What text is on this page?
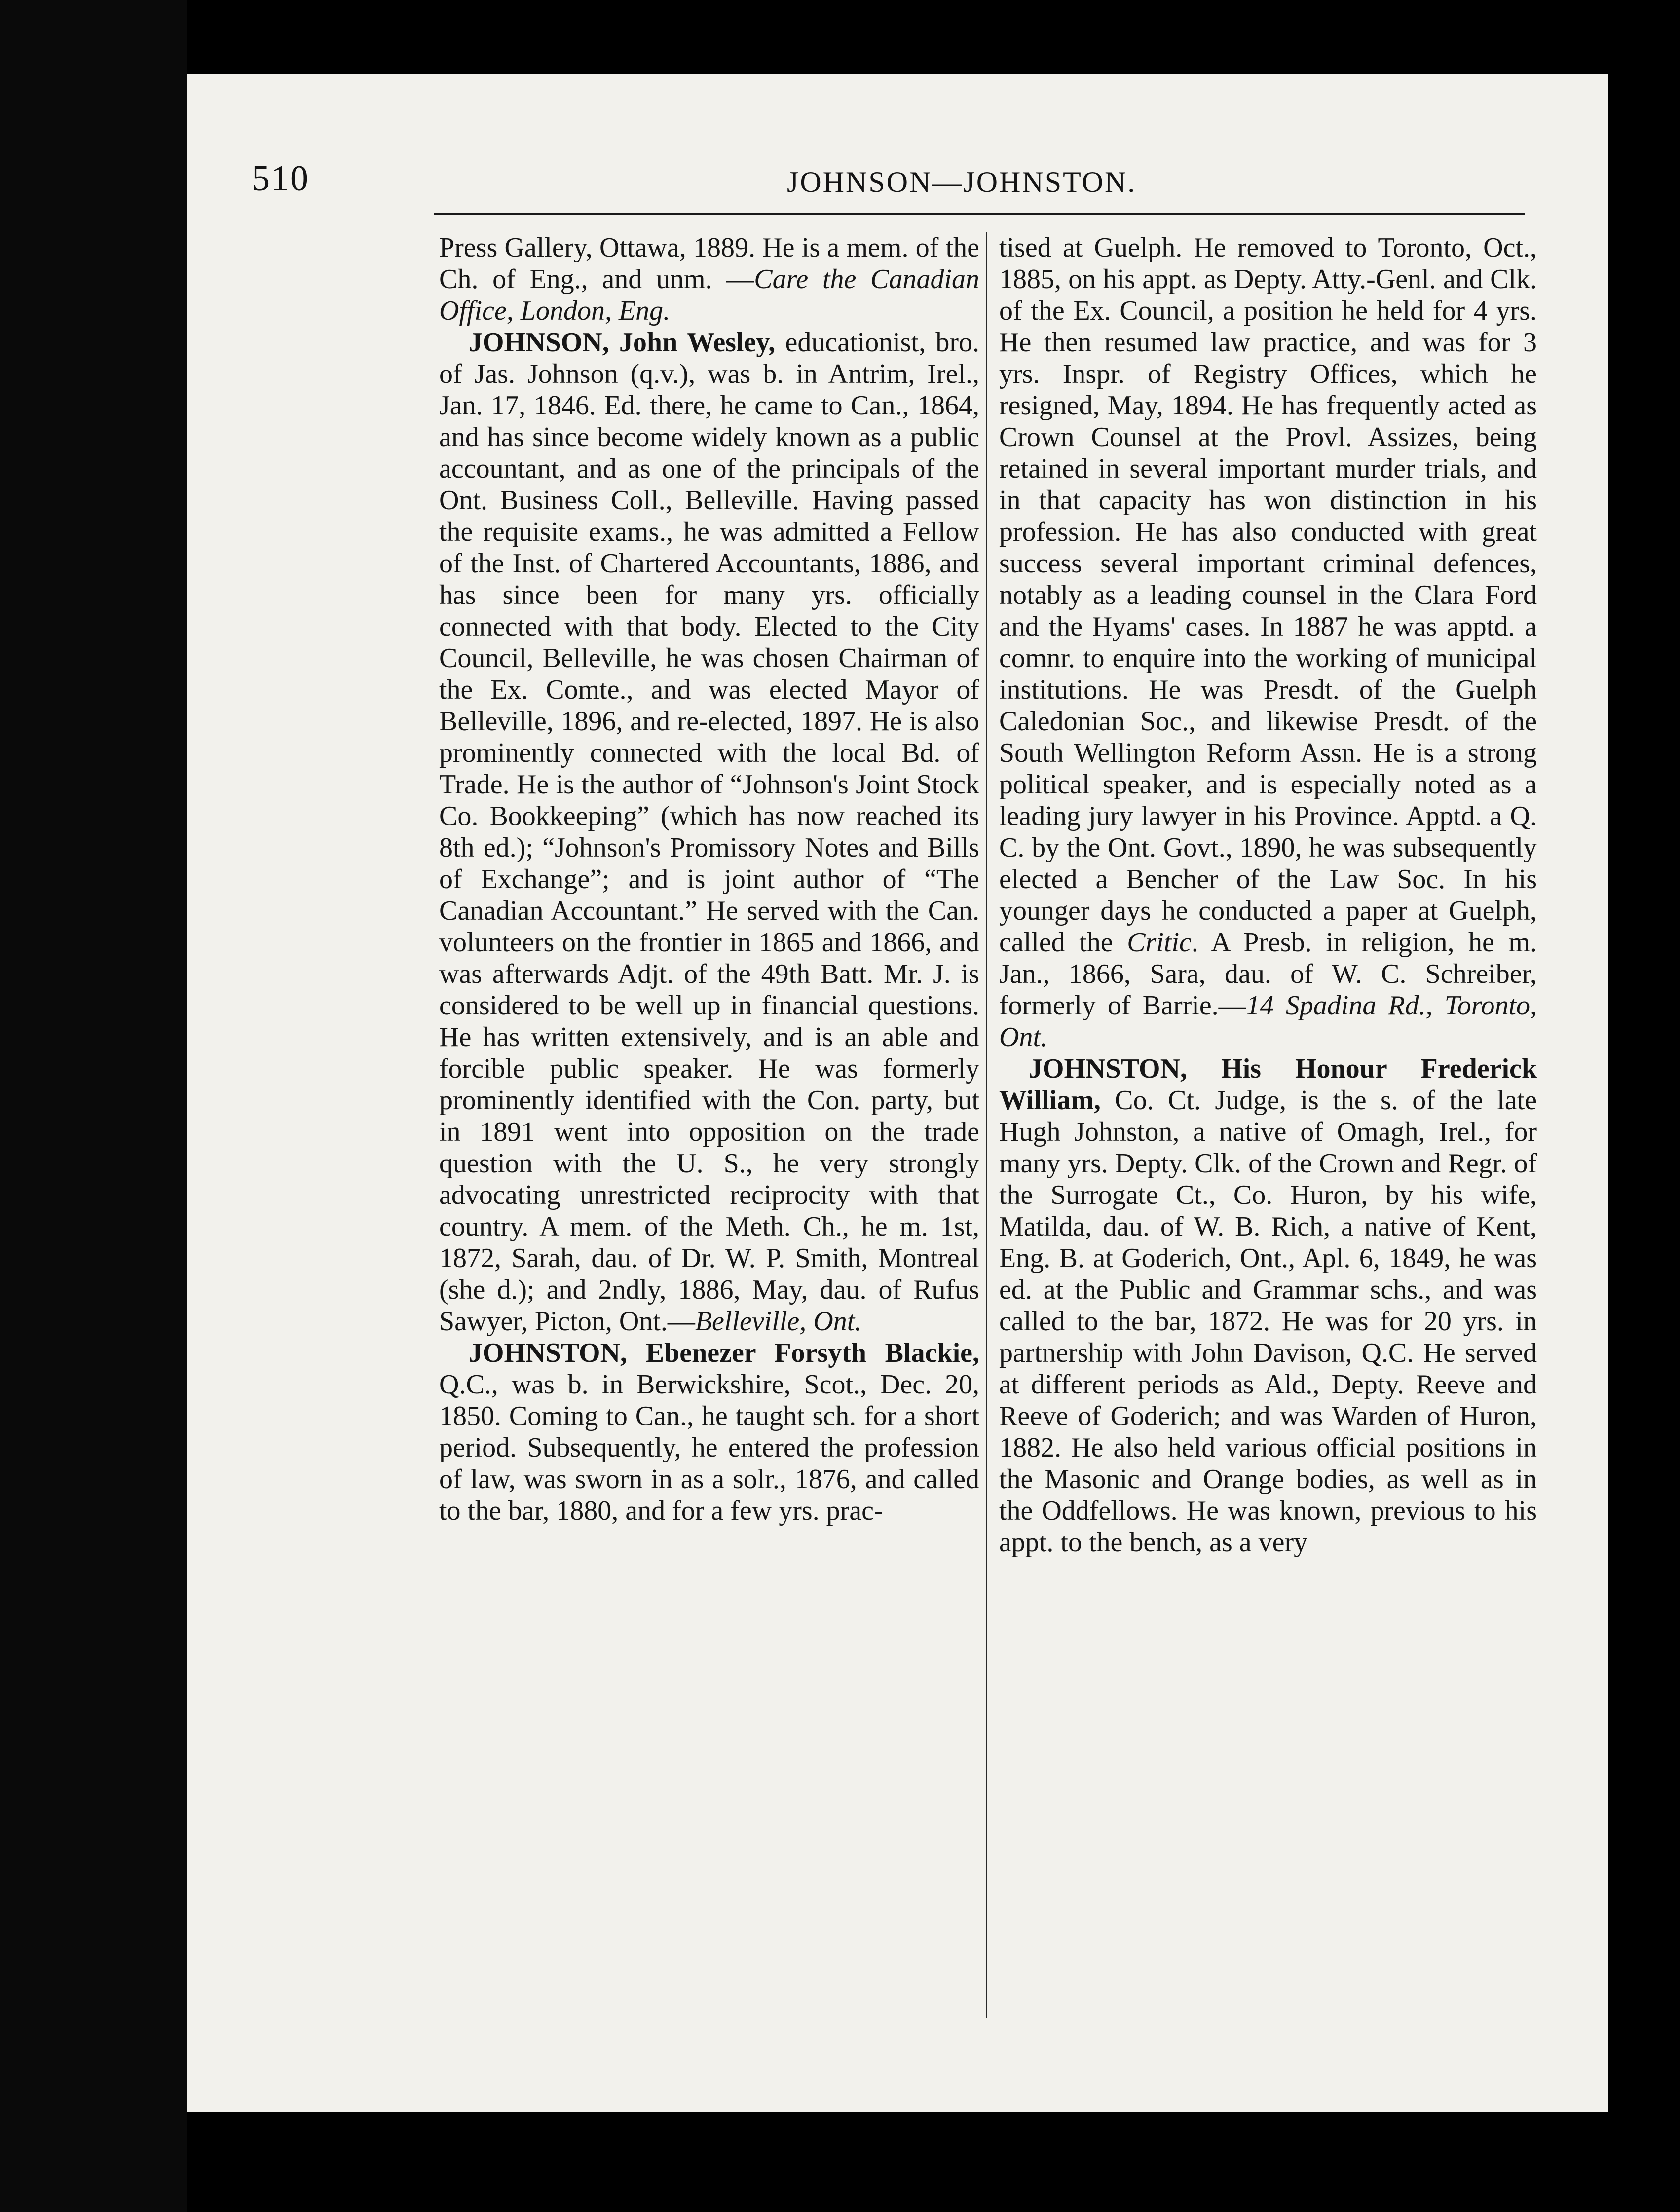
510	JOHNSON—JOHNSTON.

Press Gallery, Ottawa, 1889. He is a mem. of the Ch. of Eng., and unm. —Care the Canadian Office, London, Eng.

JOHNSON, John Wesley, educationist, bro. of Jas. Johnson (q.v.), was b. in Antrim, Irel., Jan. 17, 1846. Ed. there, he came to Can., 1864, and has since become widely known as a public accountant, and as one of the principals of the Ont. Business Coll., Belleville. Having passed the requisite exams., he was admitted a Fellow of the Inst. of Chartered Accountants, 1886, and has since been for many yrs. officially connected with that body. Elected to the City Council, Belleville, he was chosen Chairman of the Ex. Comte., and was elected Mayor of Belleville, 1896, and re-elected, 1897. He is also prominently connected with the local Bd. of Trade. He is the author of “Johnson's Joint Stock Co. Bookkeeping” (which has now reached its 8th ed.); “Johnson's Promissory Notes and Bills of Exchange”; and is joint author of “The Canadian Accountant.” He served with the Can. volunteers on the frontier in 1865 and 1866, and was afterwards Adjt. of the 49th Batt. Mr. J. is considered to be well up in financial questions. He has written extensively, and is an able and forcible public speaker. He was formerly prominently identified with the Con. party, but in 1891 went into opposition on the trade question with the U. S., he very strongly advocating unrestricted reciprocity with that country. A mem. of the Meth. Ch., he m. 1st, 1872, Sarah, dau. of Dr. W. P. Smith, Montreal (she d.); and 2ndly, 1886, May, dau. of Rufus Sawyer, Picton, Ont.—Belleville, Ont.

JOHNSTON, Ebenezer Forsyth Blackie, Q.C., was b. in Berwickshire, Scot., Dec. 20, 1850. Coming to Can., he taught sch. for a short period. Subsequently, he entered the profession of law, was sworn in as a solr., 1876, and called to the bar, 1880, and for a few yrs. prac-

tised at Guelph. He removed to Toronto, Oct., 1885, on his appt. as Depty. Atty.-Genl. and Clk. of the Ex. Council, a position he held for 4 yrs. He then resumed law practice, and was for 3 yrs. Inspr. of Registry Offices, which he resigned, May, 1894. He has frequently acted as Crown Counsel at the Provl. Assizes, being retained in several important murder trials, and in that capacity has won distinction in his profession. He has also conducted with great success several important criminal defences, notably as a leading counsel in the Clara Ford and the Hyams' cases. In 1887 he was apptd. a comnr. to enquire into the working of municipal institutions. He was Presdt. of the Guelph Caledonian Soc., and likewise Presdt. of the South Wellington Reform Assn. He is a strong political speaker, and is especially noted as a leading jury lawyer in his Province. Apptd. a Q. C. by the Ont. Govt., 1890, he was subsequently elected a Bencher of the Law Soc. In his younger days he conducted a paper at Guelph, called the Critic. A Presb. in religion, he m. Jan., 1866, Sara, dau. of W. C. Schreiber, formerly of Barrie.—14 Spadina Rd., Toronto, Ont.

JOHNSTON, His Honour Frederick William, Co. Ct. Judge, is the s. of the late Hugh Johnston, a native of Omagh, Irel., for many yrs. Depty. Clk. of the Crown and Regr. of the Surrogate Ct., Co. Huron, by his wife, Matilda, dau. of W. B. Rich, a native of Kent, Eng. B. at Goderich, Ont., Apl. 6, 1849, he was ed. at the Public and Grammar schs., and was called to the bar, 1872. He was for 20 yrs. in partnership with John Davison, Q.C. He served at different periods as Ald., Depty. Reeve and Reeve of Goderich; and was Warden of Huron, 1882. He also held various official positions in the Masonic and Orange bodies, as well as in the Oddfellows. He was known, previous to his appt. to the bench, as a very
